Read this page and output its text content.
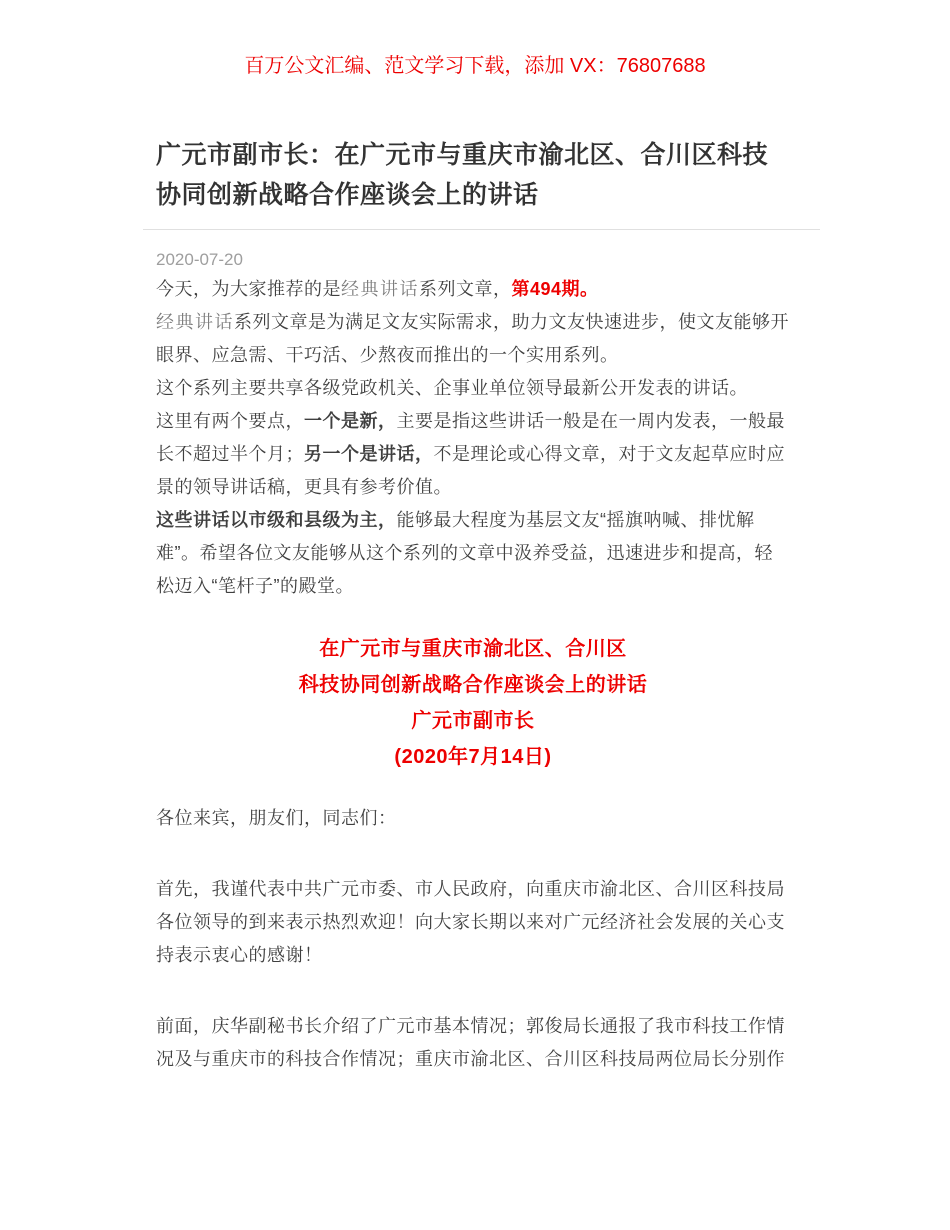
百万公文汇编、范文学习下载，添加 VX：76807688
广元市副市长：在广元市与重庆市渝北区、合川区科技
协同创新战略合作座谈会上的讲话
2020-07-20

今天，为大家推荐的是经典讲话系列文章，第494期。

经典讲话系列文章是为满足文友实际需求，助力文友快速进步，使文友能够开眼界、应急需、干巧活、少熬夜而推出的一个实用系列。

这个系列主要共享各级党政机关、企事业单位领导最新公开发表的讲话。

这里有两个要点，一个是新，主要是指这些讲话一般是在一周内发表，一般最长不超过半个月；另一个是讲话，不是理论或心得文章，对于文友起草应时应景的领导讲话稿，更具有参考价值。

这些讲话以市级和县级为主，能够最大程度为基层文友“摇旗呐喊、排忧解难”。希望各位文友能够从这个系列的文章中汲养受益，迅速进步和提高，轻松迈入“笔杆子”的殿堂。

在广元市与重庆市渝北区、合川区
科技协同创新战略合作座谈会上的讲话
广元市副市长
(2020年7月14日)

各位来宾，朋友们，同志们：

首先，我谨代表中共广元市委、市人民政府，向重庆市渝北区、合川区科技局各位领导的到来表示热烈欢迎！向大家长期以来对广元经济社会发展的关心支持表示衷心的感谢！

前面，庆华副秘书长介绍了广元市基本情况；郭俊局长通报了我市科技工作情况及与重庆市的科技合作情况；重庆市渝北区、合川区科技局两位局长分别作
